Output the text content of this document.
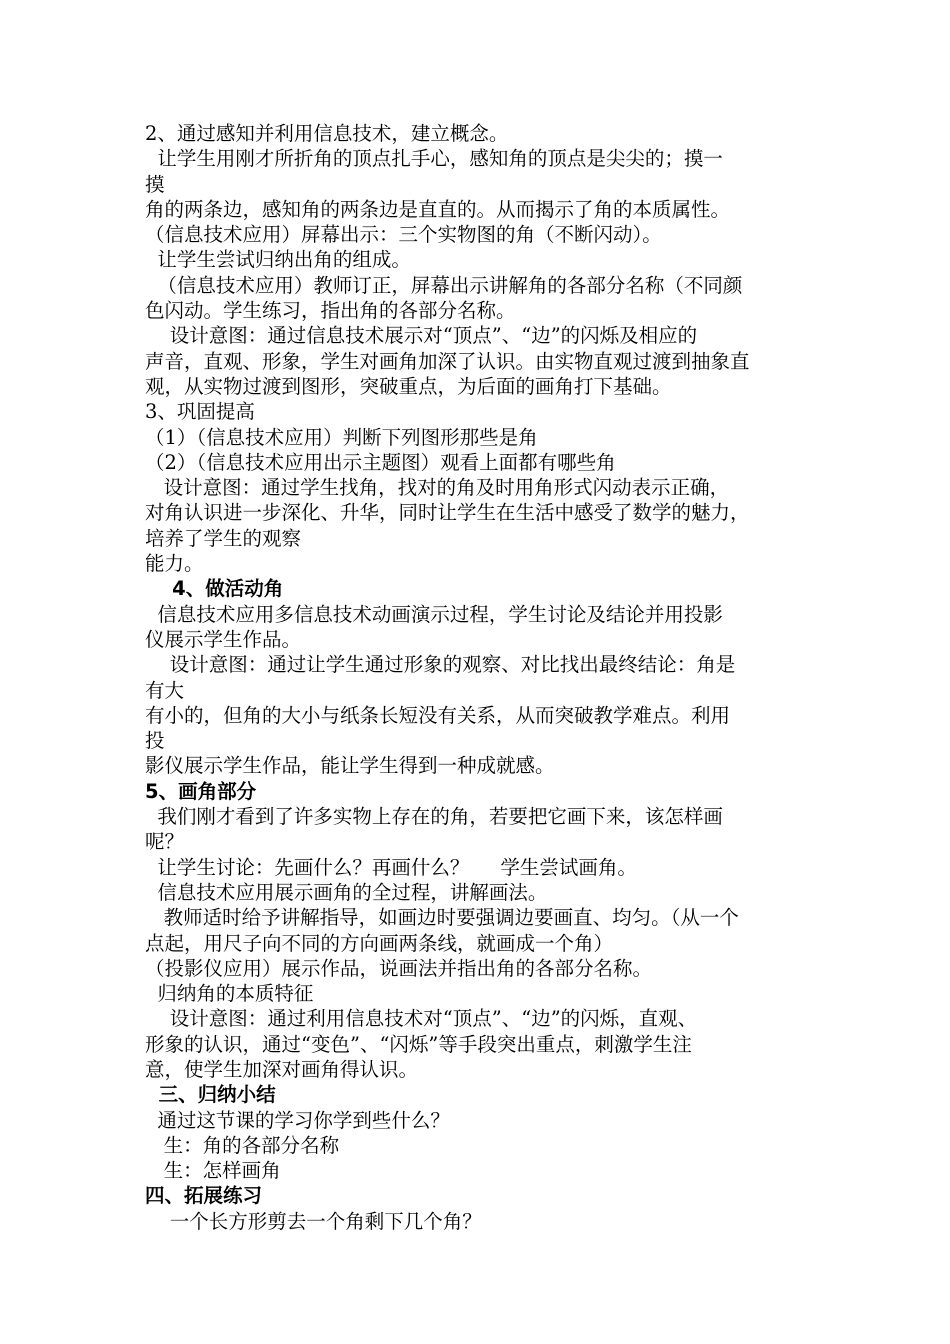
2、通过感知并利用信息技术，建立概念。
让学生用刚才所折角的顶点扎手心，感知角的顶点是尖尖的；摸一
摸
角的两条边，感知角的两条边是直直的。从而揭示了角的本质属性。
（信息技术应用）屏幕出示：三个实物图的角（不断闪动）。
让学生尝试归纳出角的组成。
（信息技术应用）教师订正，屏幕出示讲解角的各部分名称（不同颜
色闪动。学生练习，指出角的各部分名称。
设计意图：通过信息技术展示对“顶点”、“边”的闪烁及相应的
声音，直观、形象，学生对画角加深了认识。由实物直观过渡到抽象直
观，从实物过渡到图形，突破重点，为后面的画角打下基础。
3、巩固提高
（1）（信息技术应用）判断下列图形那些是角
（2）（信息技术应用出示主题图）观看上面都有哪些角
设计意图：通过学生找角，找对的角及时用角形式闪动表示正确，
对角认识进一步深化、升华，同时让学生在生活中感受了数学的魅力，
培养了学生的观察
能力。
4、做活动角
信息技术应用多信息技术动画演示过程，学生讨论及结论并用投影
仪展示学生作品。
设计意图：通过让学生通过形象的观察、对比找出最终结论：角是
有大
有小的，但角的大小与纸条长短没有关系，从而突破教学难点。利用
投
影仪展示学生作品，能让学生得到一种成就感。
5、画角部分
我们刚才看到了许多实物上存在的角，若要把它画下来，该怎样画
呢？
让学生讨论：先画什么？再画什么？     学生尝试画角。
信息技术应用展示画角的全过程，讲解画法。
教师适时给予讲解指导，如画边时要强调边要画直、均匀。（从一个
点起，用尺子向不同的方向画两条线，就画成一个角）
（投影仪应用）展示作品，说画法并指出角的各部分名称。
归纳角的本质特征
设计意图：通过利用信息技术对“顶点”、“边”的闪烁，直观、
形象的认识，通过“变色”、“闪烁”等手段突出重点，刺激学生注
意，使学生加深对画角得认识。
三、归纳小结
通过这节课的学习你学到些什么？
生：角的各部分名称
生：怎样画角
四、拓展练习
一个长方形剪去一个角剩下几个角？
